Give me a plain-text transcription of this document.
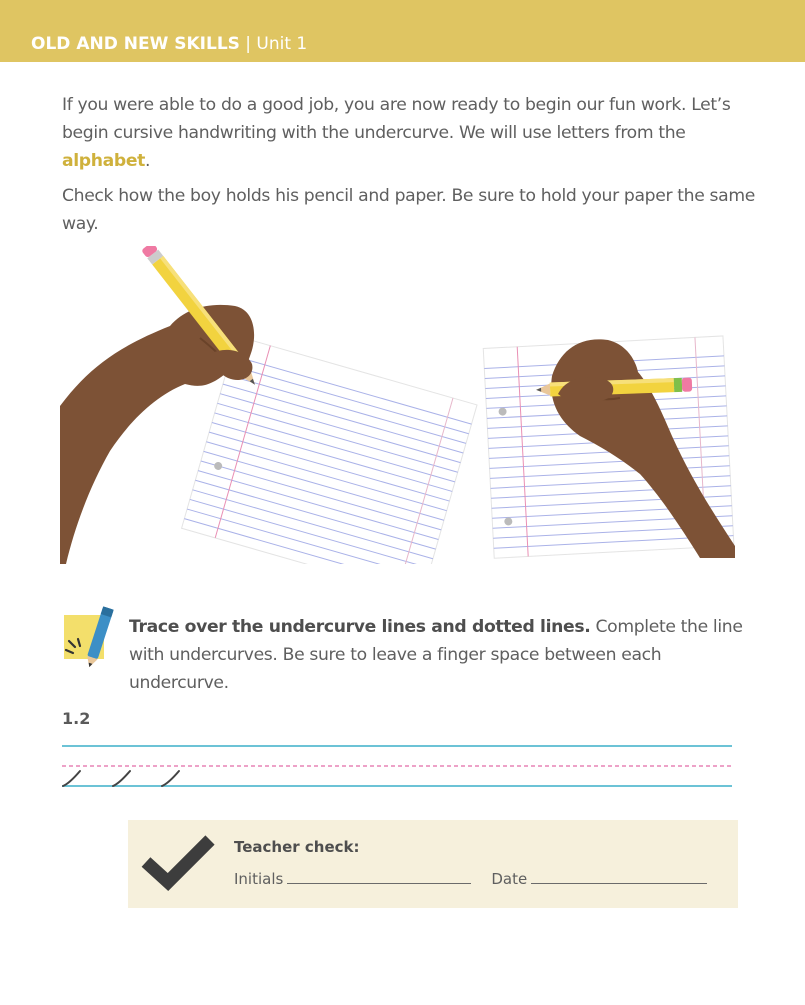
OLD AND NEW SKILLS | Unit 1

If you were able to do a good job, you are now ready to begin our fun work. Let’s begin cursive handwriting with the undercurve. We will use letters from the alphabet.

Check how the boy holds his pencil and paper. Be sure to hold your paper the same way.

Trace over the undercurve lines and dotted lines. Complete the line with undercurves. Be sure to leave a finger space between each undercurve.

1.2
Teacher check:
Initials	Date
